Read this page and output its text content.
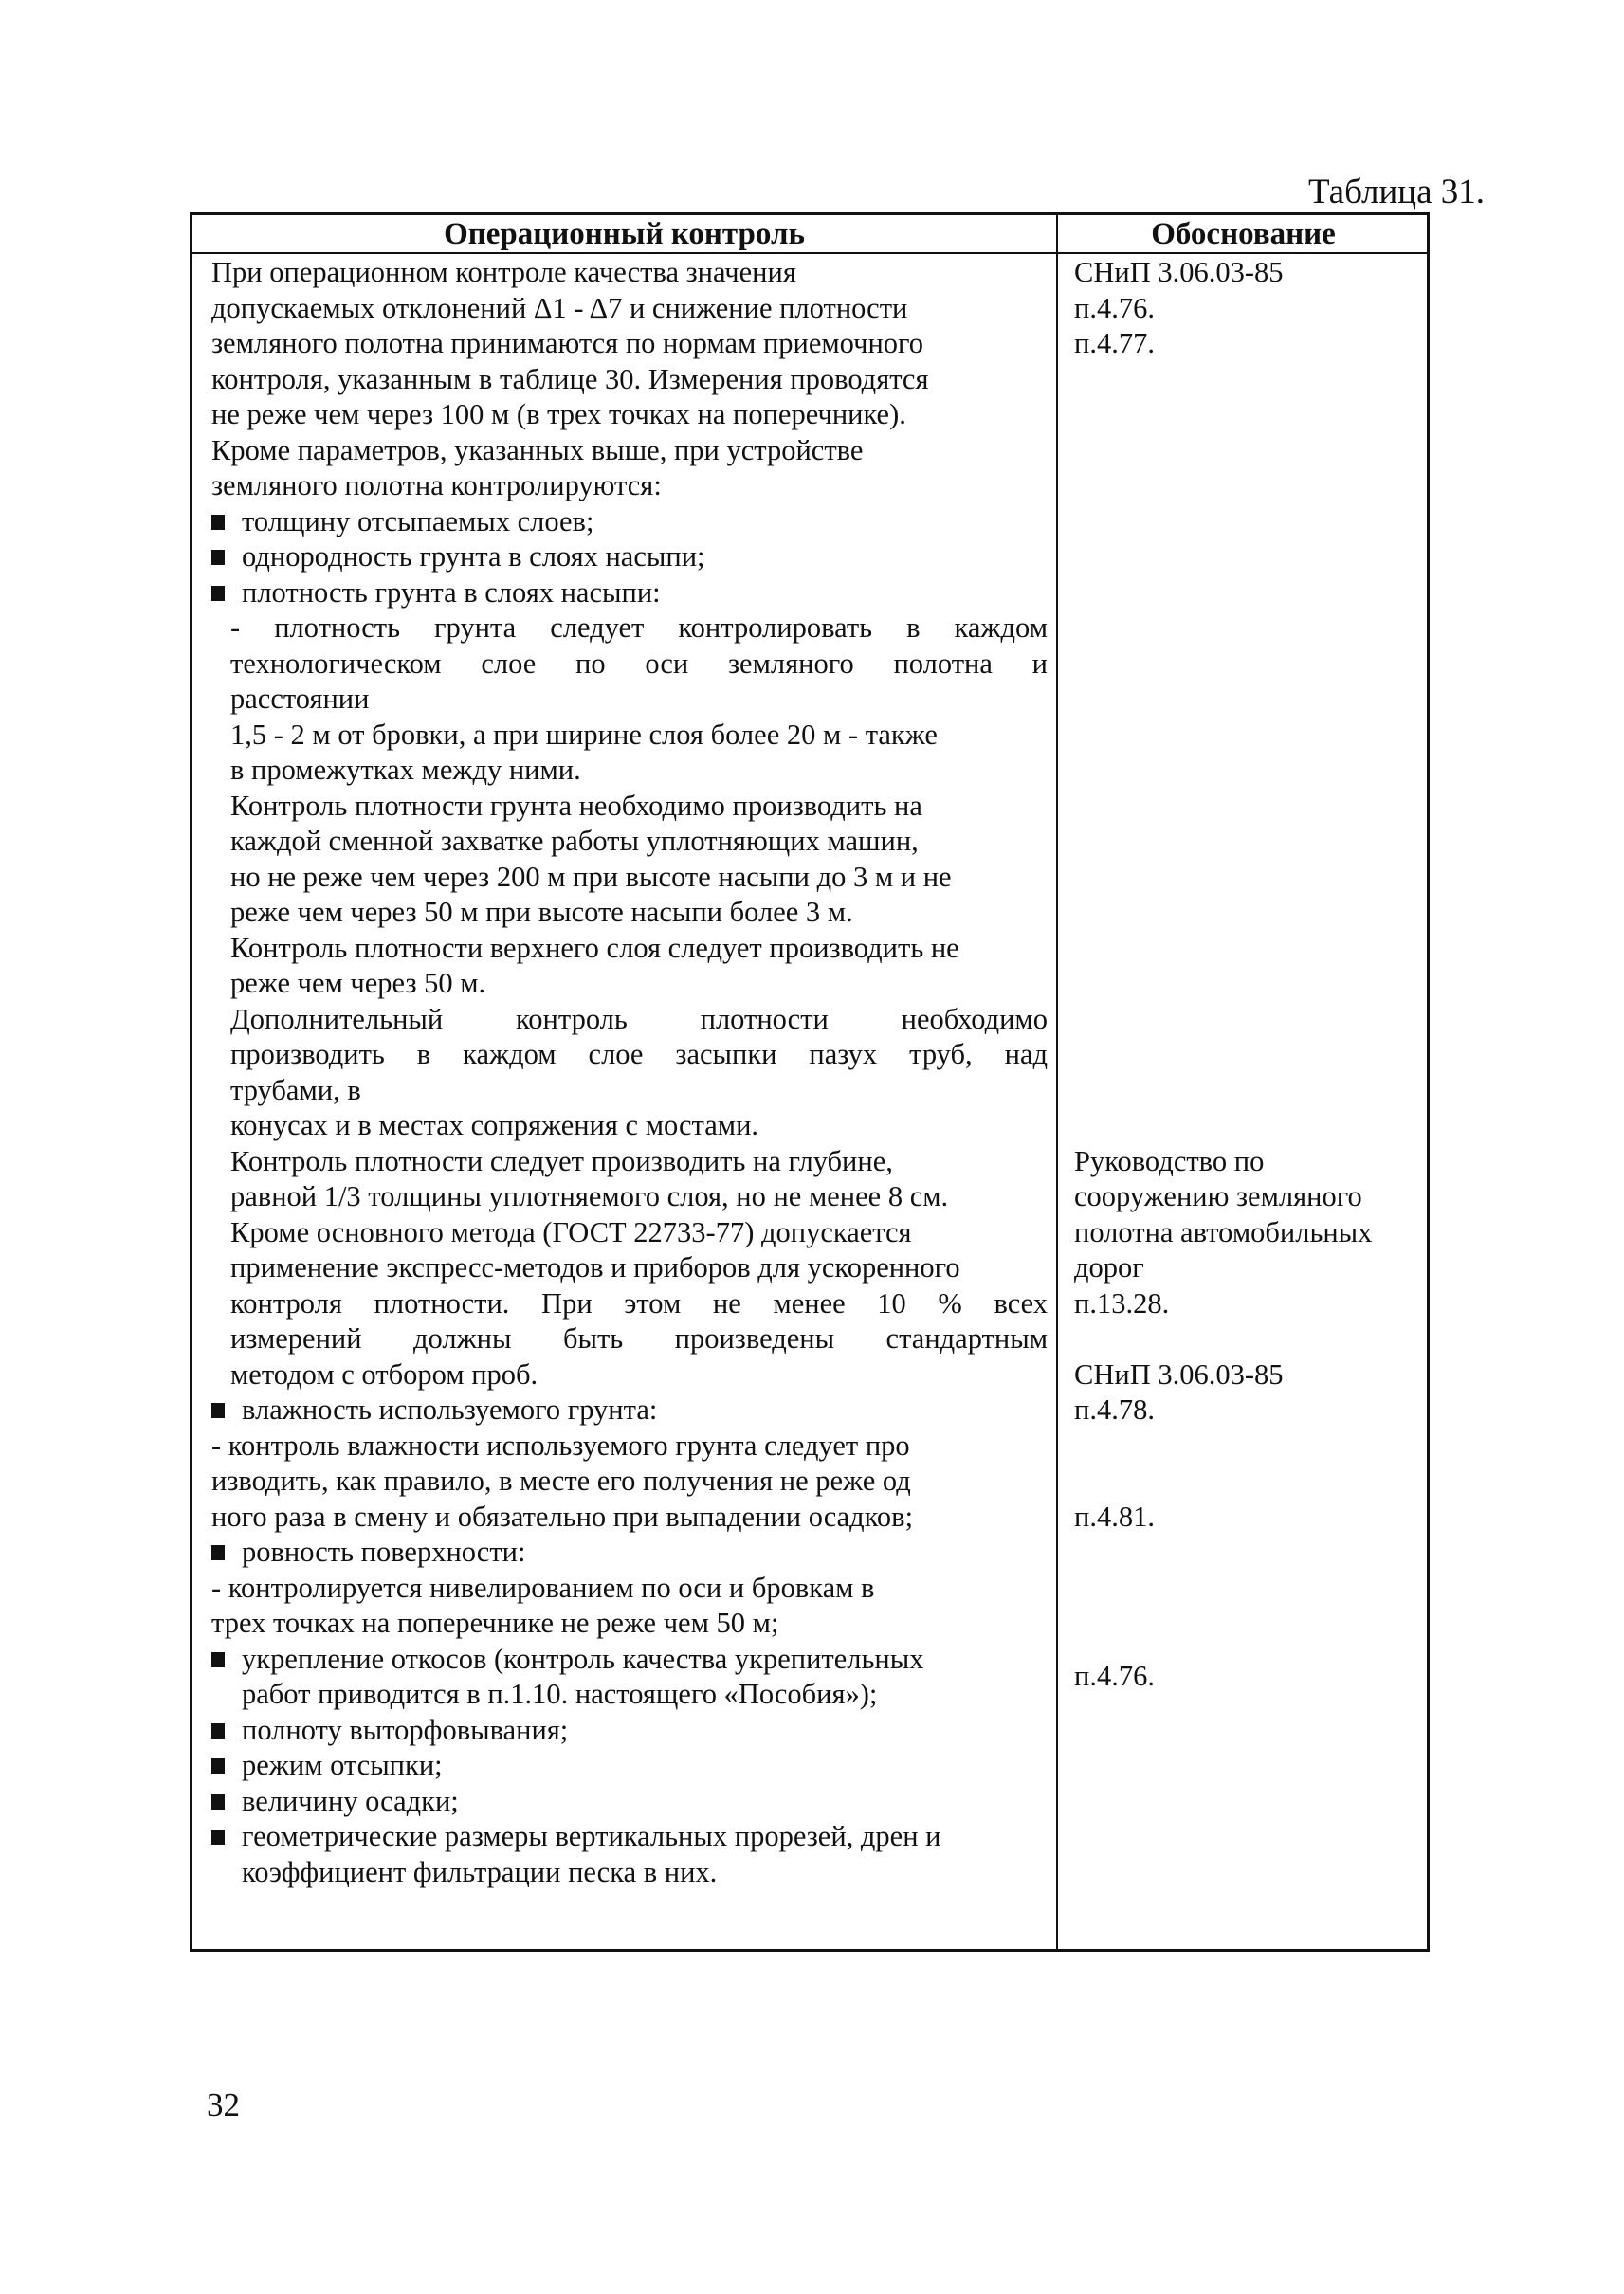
Таблица 31.
Операционный контроль	Обоснование
При операционном контроле качества значения
допускаемых отклонений Δ1 - Δ7 и снижение плотности
земляного полотна принимаются по нормам приемочного
контроля, указанным в таблице 30. Измерения проводятся
не реже чем через 100 м (в трех точках на поперечнике).
Кроме параметров, указанных выше, при устройстве
земляного полотна контролируются:
толщину отсыпаемых слоев;
однородность грунта в слоях насыпи;
плотность грунта в слоях насыпи:
- плотность грунта следует контролировать в каждом
технологическом слое по оси земляного полотна и
расстоянии
1,5 - 2 м от бровки, а при ширине слоя более 20 м - также
в промежутках между ними.
Контроль плотности грунта необходимо производить на
каждой сменной захватке работы уплотняющих машин,
но не реже чем через 200 м при высоте насыпи до 3 м и не
реже чем через 50 м при высоте насыпи более 3 м.
Контроль плотности верхнего слоя следует производить не
реже чем через 50 м.
Дополнительный контроль плотности необходимо
производить в каждом слое засыпки пазух труб, над
трубами, в
конусах и в местах сопряжения с мостами.
Контроль плотности следует производить на глубине,
равной 1/3 толщины уплотняемого слоя, но не менее 8 см.
Кроме основного метода (ГОСТ 22733-77) допускается
применение экспресс-методов и приборов для ускоренного
контроля плотности. При этом не менее 10 % всех
измерений должны быть произведены стандартным
методом с отбором проб.
влажность используемого грунта:
- контроль влажности используемого грунта следует про
изводить, как правило, в месте его получения не реже од
ного раза в смену и обязательно при выпадении осадков;
ровность поверхности:
- контролируется нивелированием по оси и бровкам в
трех точках на поперечнике не реже чем 50 м;
укрепление откосов (контроль качества укрепительных
работ приводится в п.1.10. настоящего «Пособия»);
полноту выторфовывания;
режим отсыпки;
величину осадки;
геометрические размеры вертикальных прорезей, дрен и
коэффициент фильтрации песка в них.
СНиП 3.06.03-85
п.4.76.
п.4.77.
Руководство по
сооружению земляного
полотна автомобильных
дорог
п.13.28.
СНиП 3.06.03-85
п.4.78.
п.4.81.
п.4.76.
32
